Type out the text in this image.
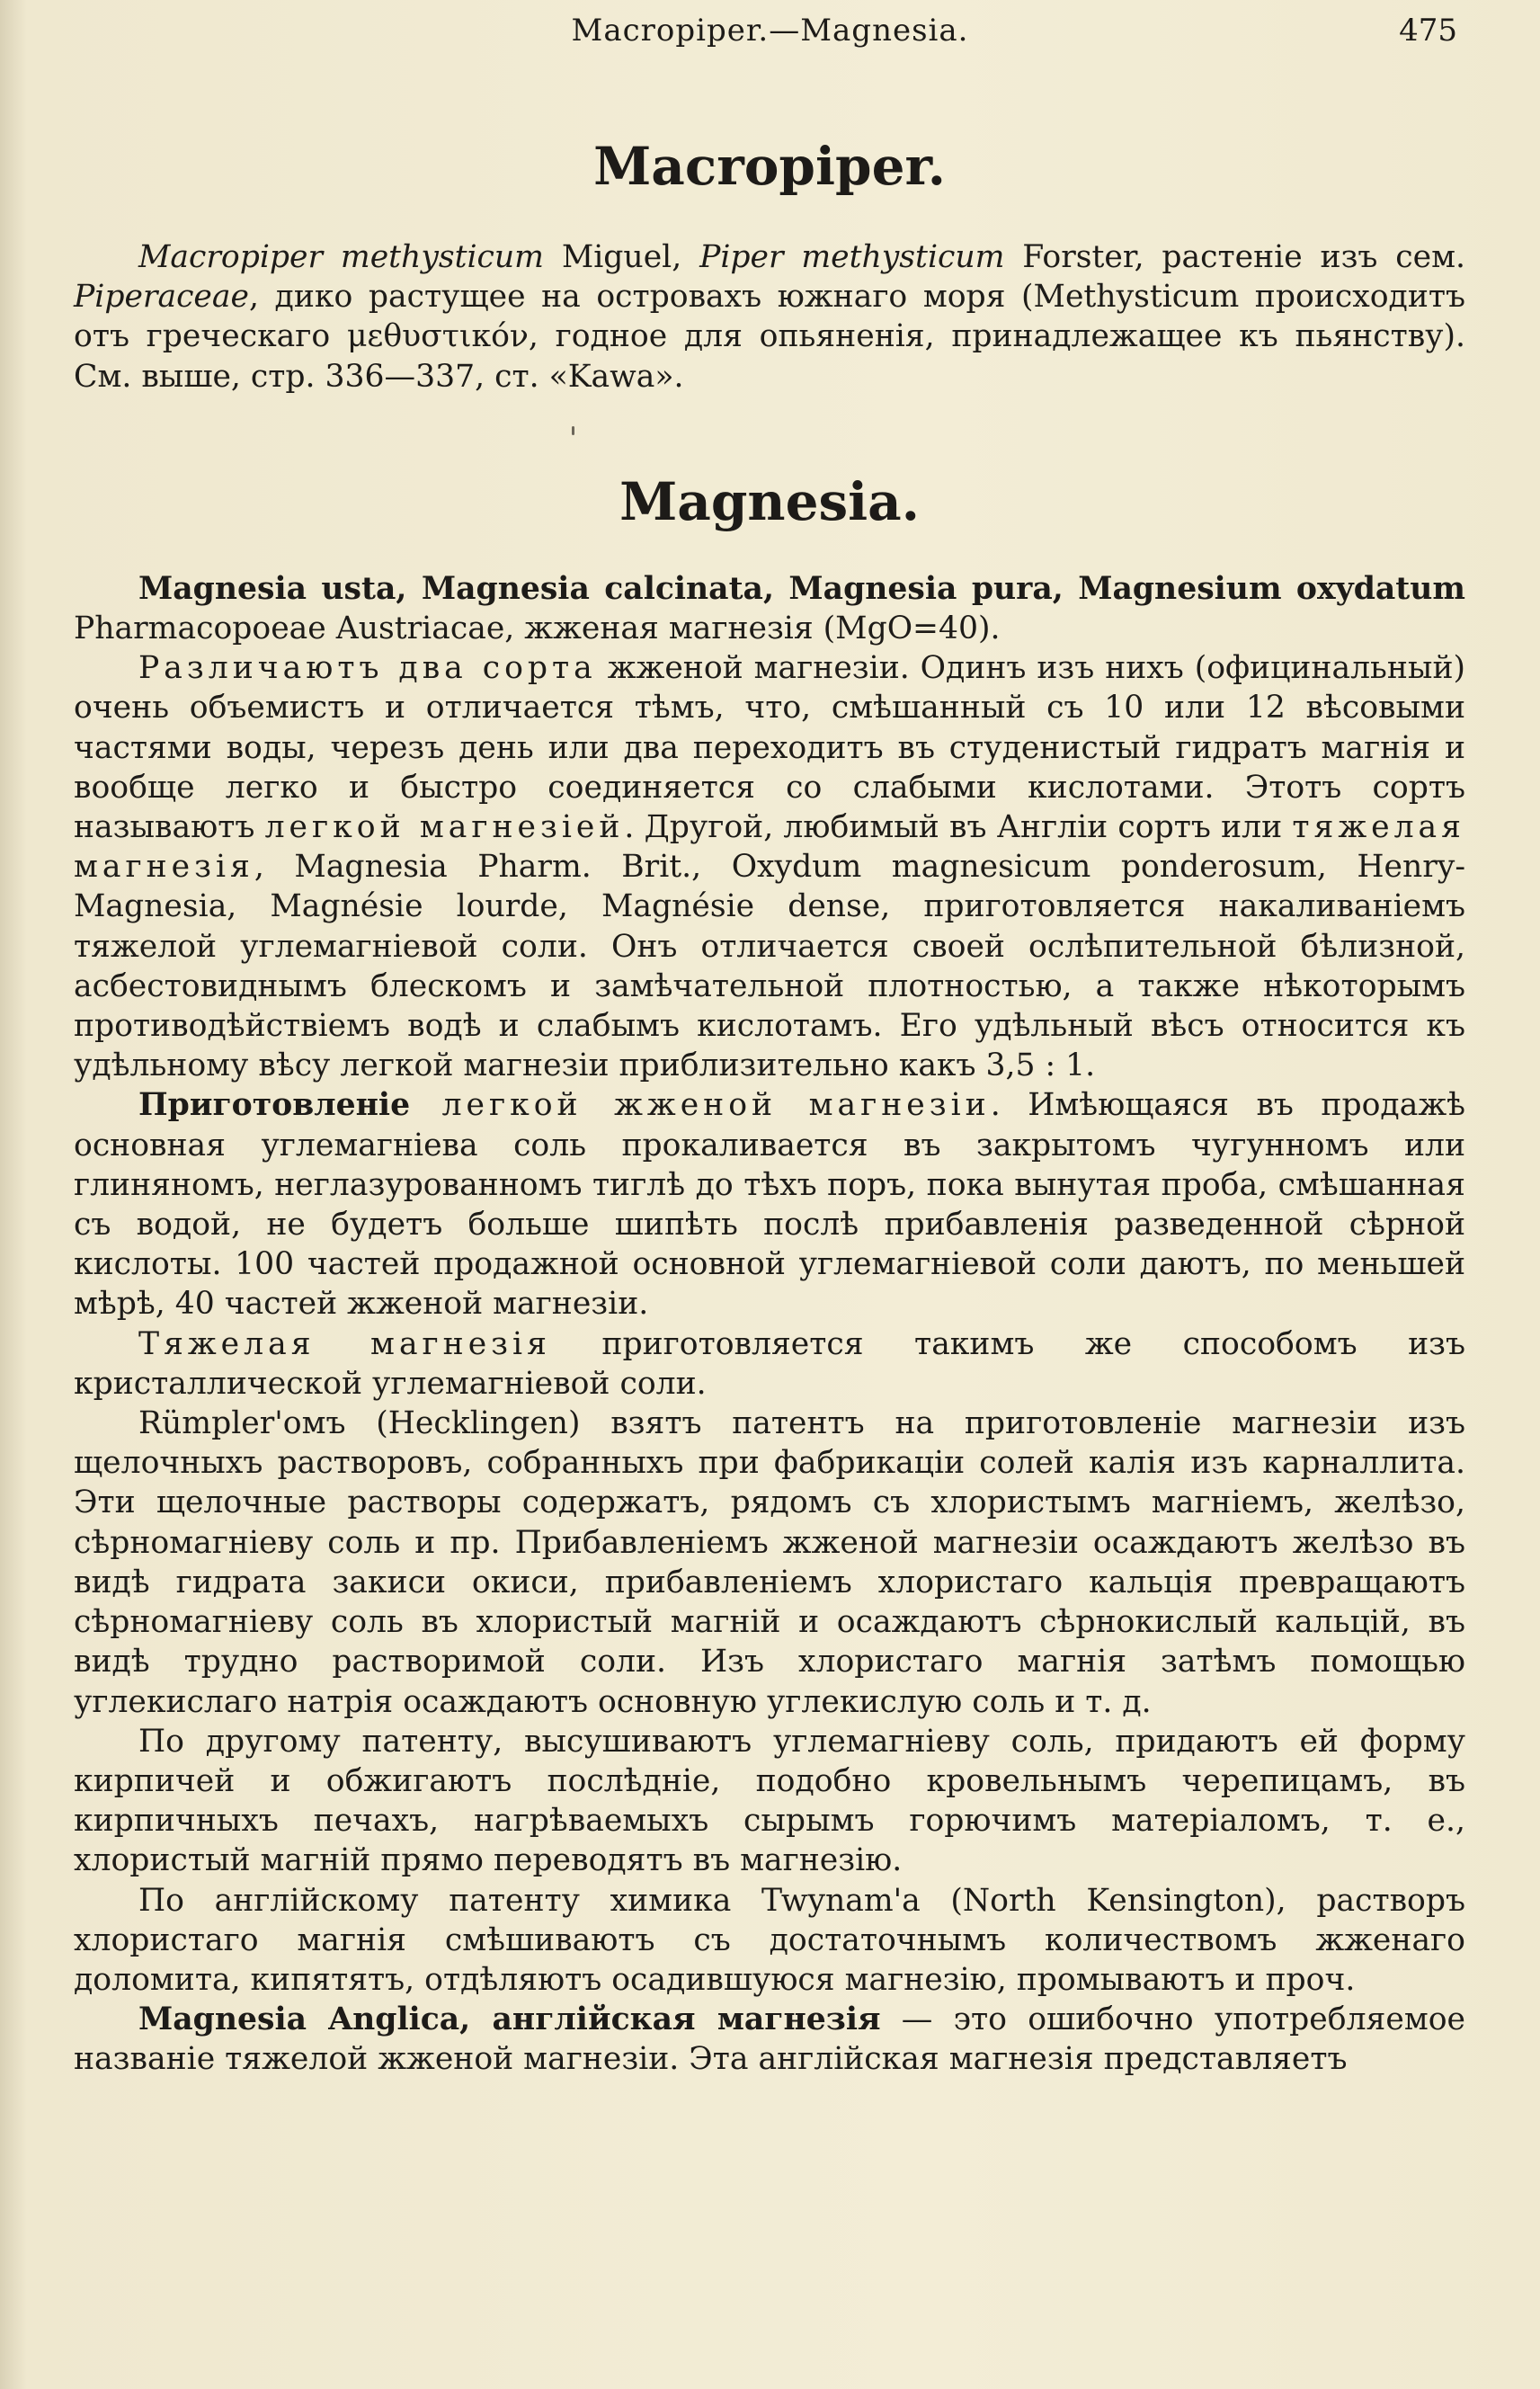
Macropiper.—Magnesia.	475
Macropiper.

Macropiper methysticum Miguel, Piper methysticum Forster, растенiе изъ сем. Piperaceae, дико растущее на островахъ южнаго моря (Methysticum происходитъ отъ греческаго μεθυστικόν, годное для опьяненiя, принадлежащее къ пьянству). См. выше, стр. 336—337, ст. «Kawa».

Magnesia.

Magnesia usta, Magnesia calcinata, Magnesia pura, Magnesium oxydatum Pharmacopoeae Austriacae, жженая магнезiя (MgO=40).

Различаютъ два сорта жженой магнезiи. Одинъ изъ нихъ (официнальный) очень объемистъ и отличается тѣмъ, что, смѣшанный съ 10 или 12 вѣсовыми частями воды, черезъ день или два переходитъ въ студенистый гидратъ магнiя и вообще легко и быстро соединяется со слабыми кислотами. Этотъ сортъ называютъ легкой магнезiей. Другой, любимый въ Англiи сортъ или тяжелая магнезiя, Magnesia Pharm. Brit., Oxydum magnesicum ponderosum, Henry-Magnesia, Magnésie lourde, Magnésie dense, приготовляется накаливанiемъ тяжелой углемагнiевой соли. Онъ отличается своей ослѣпительной бѣлизной, асбестовиднымъ блескомъ и замѣчательной плотностью, а также нѣкоторымъ противодѣйствiемъ водѣ и слабымъ кислотамъ. Его удѣльный вѣсъ относится къ удѣльному вѣсу легкой магнезiи приблизительно какъ 3,5 : 1.

Приготовленiе легкой жженой магнезiи. Имѣющаяся въ продажѣ основная углемагнiева соль прокаливается въ закрытомъ чугунномъ или глиняномъ, неглазурованномъ тиглѣ до тѣхъ поръ, пока вынутая проба, смѣшанная съ водой, не будетъ больше шипѣть послѣ прибавленiя разведенной сѣрной кислоты. 100 частей продажной основной углемагнiевой соли даютъ, по меньшей мѣрѣ, 40 частей жженой магнезiи.

Тяжелая магнезiя приготовляется такимъ же способомъ изъ кристаллической углемагнiевой соли.

Rümpler'омъ (Hecklingen) взятъ патентъ на приготовленiе магнезiи изъ щелочныхъ растворовъ, собранныхъ при фабрикацiи солей калiя изъ карналлита. Эти щелочные растворы содержатъ, рядомъ съ хлористымъ магнiемъ, желѣзо, сѣрномагнiеву соль и пр. Прибавленiемъ жженой магнезiи осаждаютъ желѣзо въ видѣ гидрата закиси окиси, прибавленiемъ хлористаго кальцiя превращаютъ сѣрномагнiеву соль въ хлористый магнiй и осаждаютъ сѣрнокислый кальцiй, въ видѣ трудно растворимой соли. Изъ хлористаго магнiя затѣмъ помощью углекислаго натрiя осаждаютъ основную углекислую соль и т. д.

По другому патенту, высушиваютъ углемагнiеву соль, придаютъ ей форму кирпичей и обжигаютъ послѣднiе, подобно кровельнымъ черепицамъ, въ кирпичныхъ печахъ, нагрѣваемыхъ сырымъ горючимъ матерiаломъ, т. е., хлористый магнiй прямо переводятъ въ магнезiю.

По англiйскому патенту химика Twynam'а (North Kensington), растворъ хлористаго магнiя смѣшиваютъ съ достаточнымъ количествомъ жженаго доломита, кипятятъ, отдѣляютъ осадившуюся магнезiю, промываютъ и проч.

Magnesia Anglica, англiйская магнезiя — это ошибочно употребляемое названiе тяжелой жженой магнезiи. Эта англiйская магнезiя представляетъ
